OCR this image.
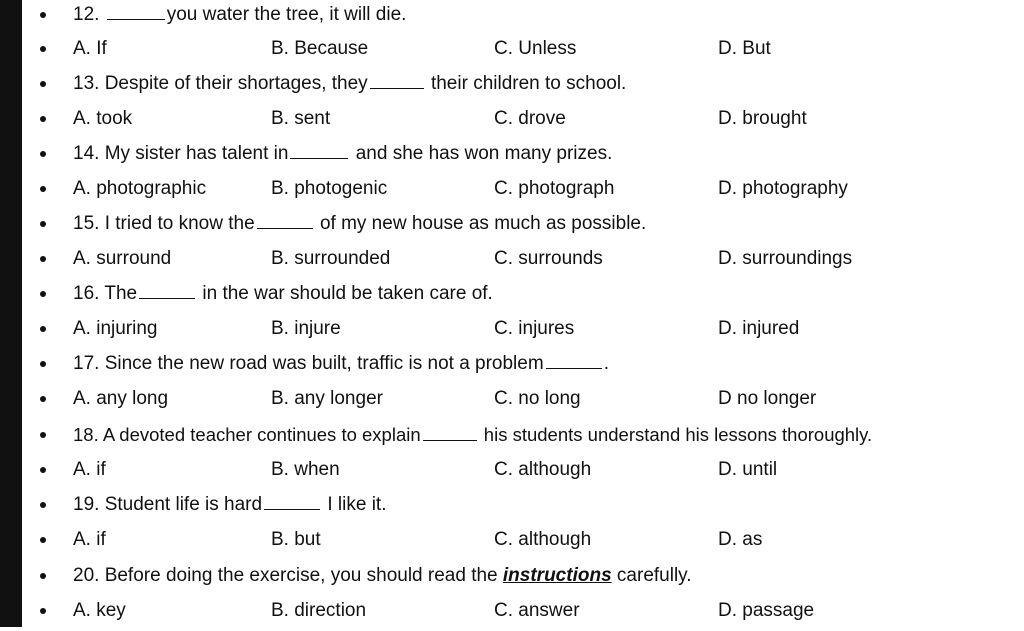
12.	you water the tree, it will die.
A. If	B. Because	C. Unless	D. But
13. Despite of their shortages, they	their children to school.
A. took	B. sent	C. drove	D. brought
14. My sister has talent in	and she has won many prizes.
A. photographic	B. photogenic	C. photograph	D. photography
15. I tried to know the	of my new house as much as possible.
A. surround	B. surrounded	C. surrounds	D. surroundings
16. The	in the war should be taken care of.
A. injuring	B. injure	C. injures	D. injured
17. Since the new road was built, traffic is not a problem	.
A. any long	B. any longer	C. no long	D no longer
18. A devoted teacher continues to explain	his students understand his lessons thoroughly.
A. if	B. when	C. although	D. until
19. Student life is hard	I like it.
A. if	B. but	C. although	D. as
20. Before doing the exercise, you should read the instructions carefully.
A. key	B. direction	C. answer	D. passage
